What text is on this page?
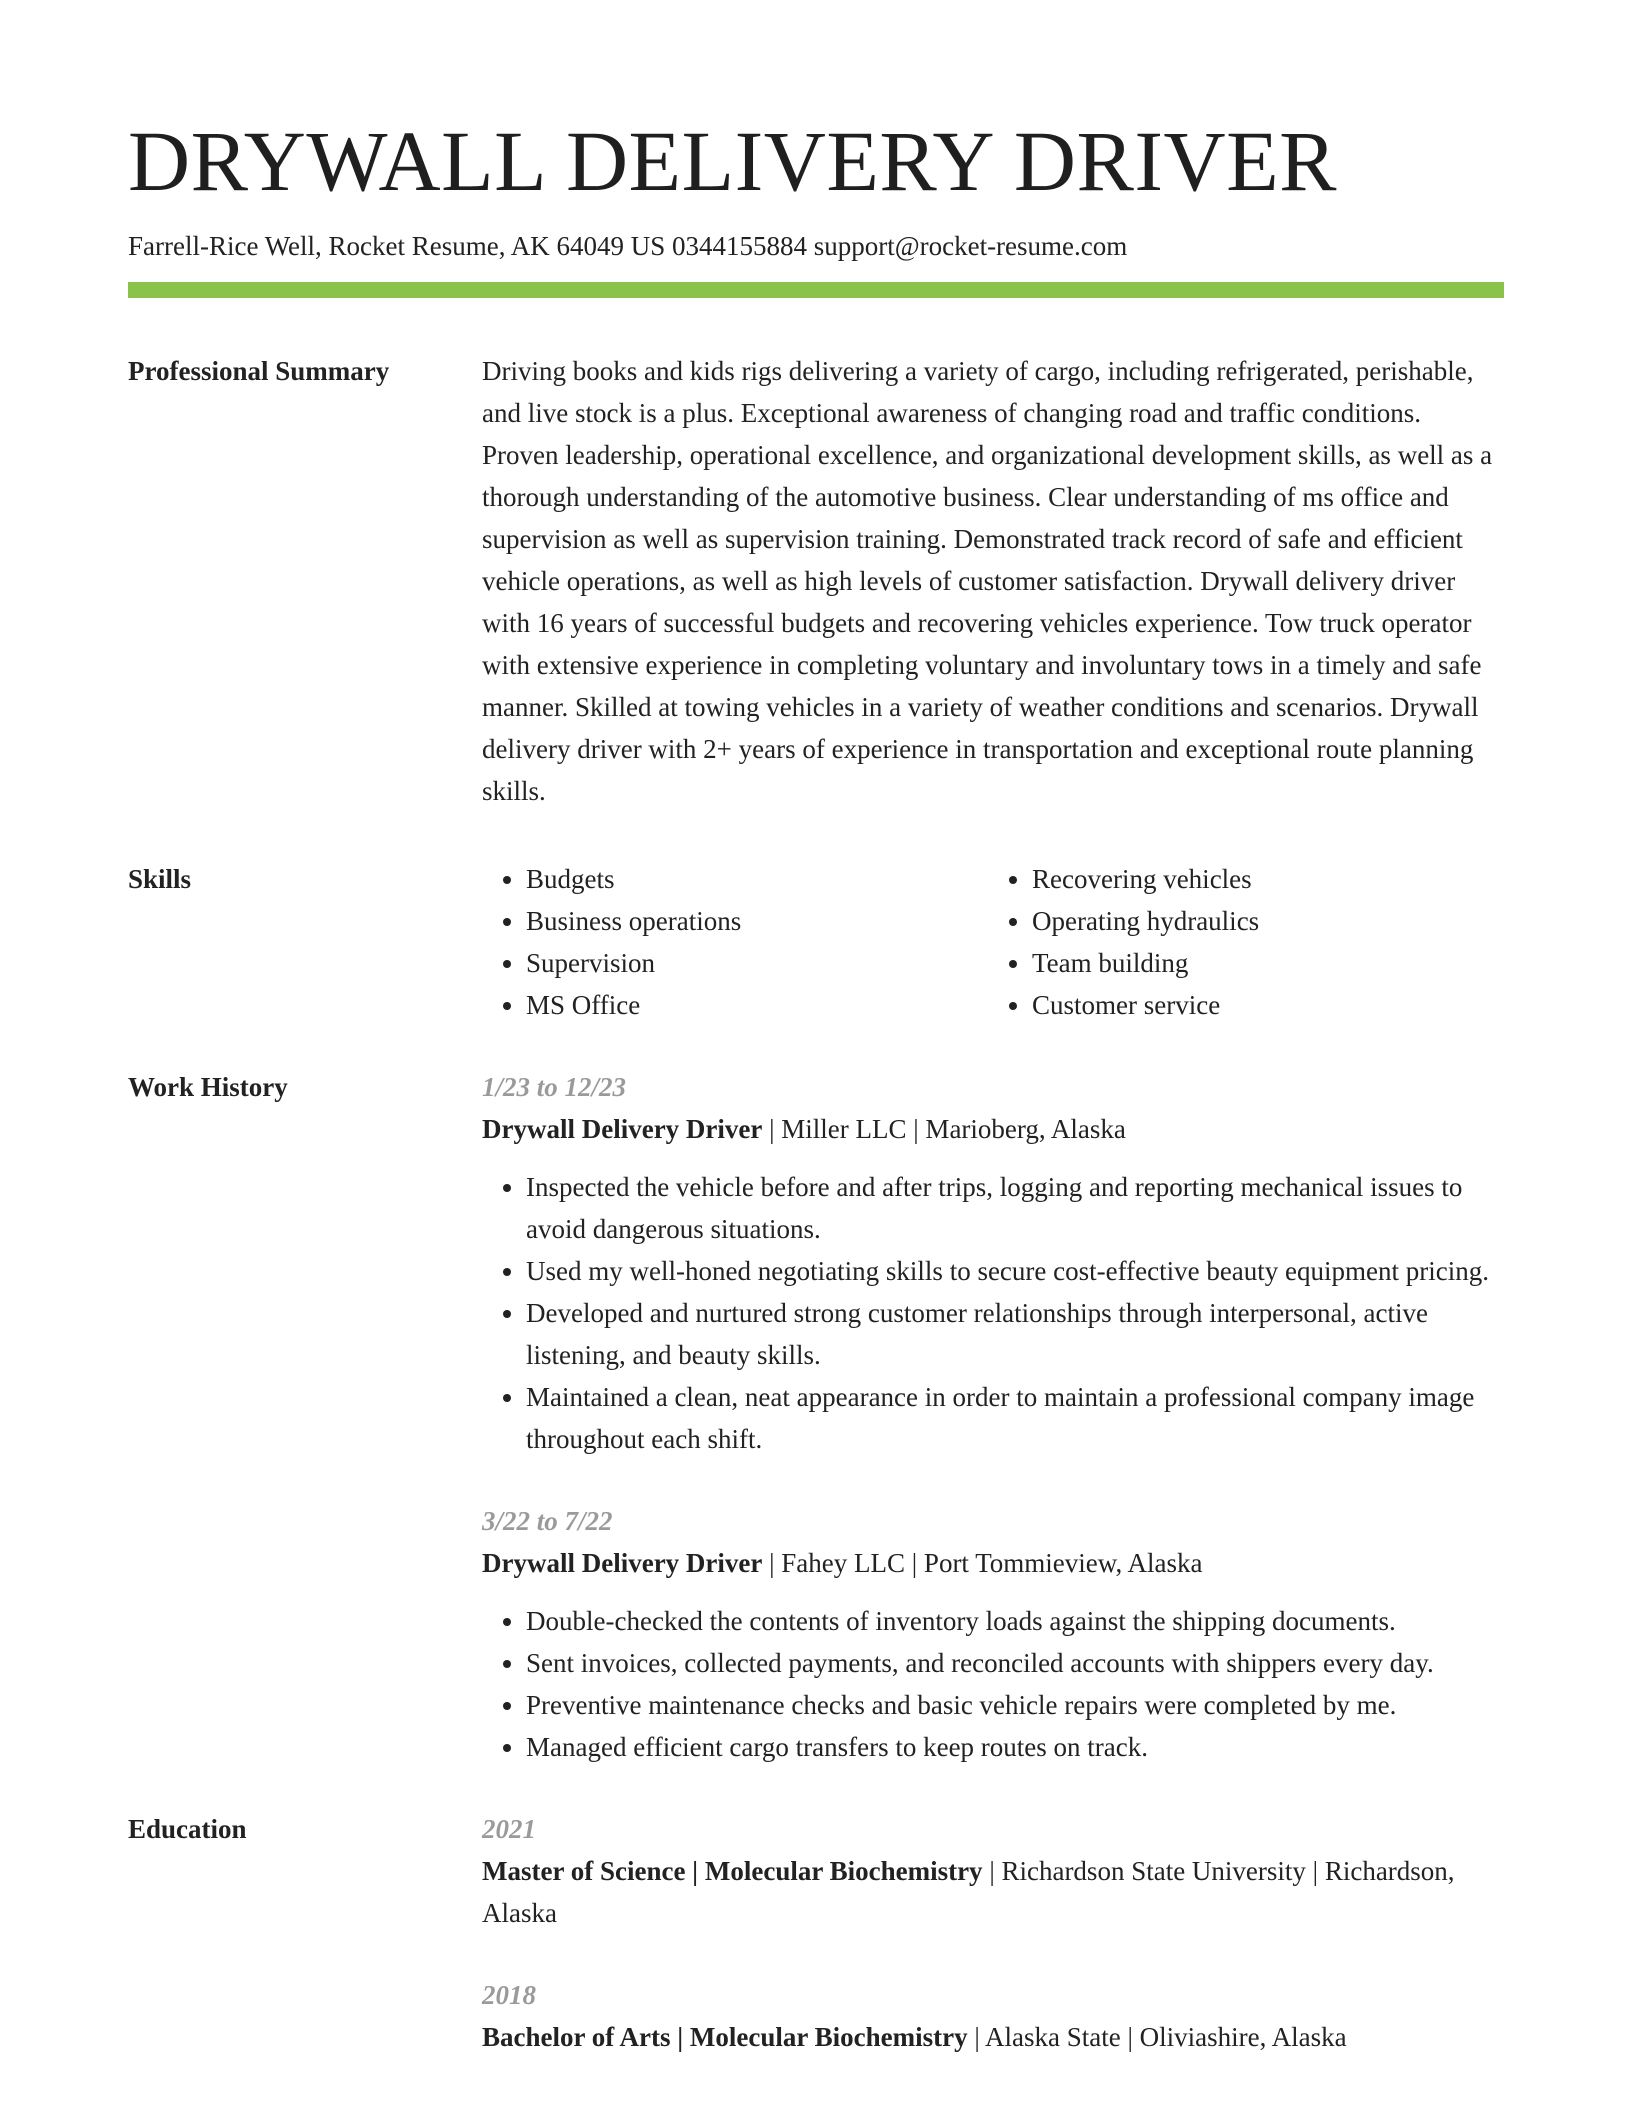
DRYWALL DELIVERY DRIVER
Farrell-Rice Well, Rocket Resume, AK 64049 US 0344155884 support@rocket-resume.com
Professional Summary	Driving books and kids rigs delivering a variety of cargo, including refrigerated, perishable, and live stock is a plus. Exceptional awareness of changing road and traffic conditions. Proven leadership, operational excellence, and organizational development skills, as well as a thorough understanding of the automotive business. Clear understanding of ms office and supervision as well as supervision training. Demonstrated track record of safe and efficient vehicle operations, as well as high levels of customer satisfaction. Drywall delivery driver with 16 years of successful budgets and recovering vehicles experience. Tow truck operator with extensive experience in completing voluntary and involuntary tows in a timely and safe manner. Skilled at towing vehicles in a variety of weather conditions and scenarios. Drywall delivery driver with 2+ years of experience in transportation and exceptional route planning skills.
Skills
•	Budgets
• Business operations
• Supervision
• MS Office
• Recovering vehicles
• Operating hydraulics
• Team building
• Customer service
Work History	1/23 to 12/23
Drywall Delivery Driver | Miller LLC | Marioberg, Alaska
• Inspected the vehicle before and after trips, logging and reporting mechanical issues to avoid dangerous situations.
• Used my well-honed negotiating skills to secure cost-effective beauty equipment pricing.
• Developed and nurtured strong customer relationships through interpersonal, active listening, and beauty skills.
• Maintained a clean, neat appearance in order to maintain a professional company image throughout each shift.
3/22 to 7/22
Drywall Delivery Driver | Fahey LLC | Port Tommieview, Alaska
• Double-checked the contents of inventory loads against the shipping documents.
• Sent invoices, collected payments, and reconciled accounts with shippers every day.
• Preventive maintenance checks and basic vehicle repairs were completed by me.
• Managed efficient cargo transfers to keep routes on track.
Education	2021
Master of Science | Molecular Biochemistry | Richardson State University | Richardson, Alaska
2018
Bachelor of Arts | Molecular Biochemistry | Alaska State | Oliviashire, Alaska
